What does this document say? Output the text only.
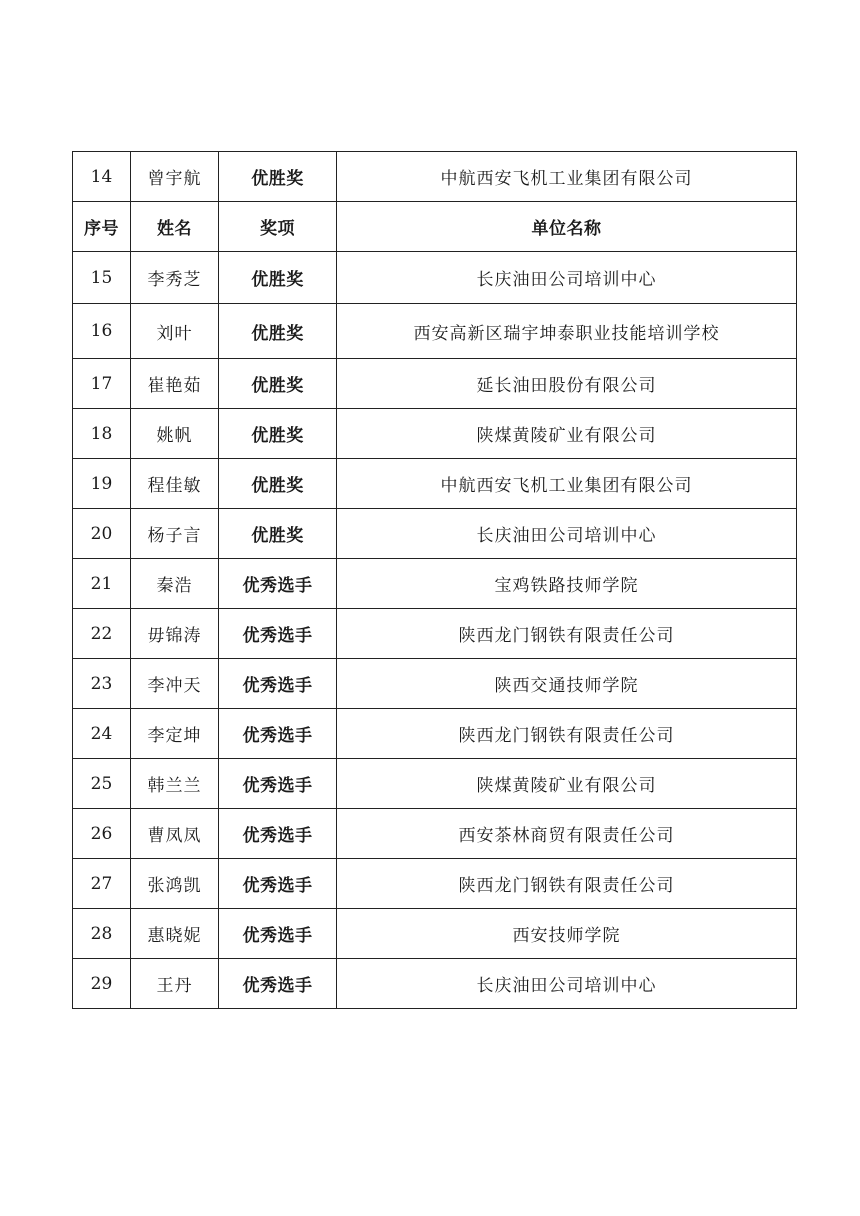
14	曾宇航	优胜奖	中航西安飞机工业集团有限公司
序号	姓名	奖项	单位名称
15	李秀芝	优胜奖	长庆油田公司培训中心
16	刘叶	优胜奖	西安高新区瑞宇坤泰职业技能培训学校
17	崔艳茹	优胜奖	延长油田股份有限公司
18	姚帆	优胜奖	陕煤黄陵矿业有限公司
19	程佳敏	优胜奖	中航西安飞机工业集团有限公司
20	杨子言	优胜奖	长庆油田公司培训中心
21	秦浩	优秀选手	宝鸡铁路技师学院
22	毋锦涛	优秀选手	陕西龙门钢铁有限责任公司
23	李冲天	优秀选手	陕西交通技师学院
24	李定坤	优秀选手	陕西龙门钢铁有限责任公司
25	韩兰兰	优秀选手	陕煤黄陵矿业有限公司
26	曹凤凤	优秀选手	西安茶林商贸有限责任公司
27	张鸿凯	优秀选手	陕西龙门钢铁有限责任公司
28	惠晓妮	优秀选手	西安技师学院
29	王丹	优秀选手	长庆油田公司培训中心
